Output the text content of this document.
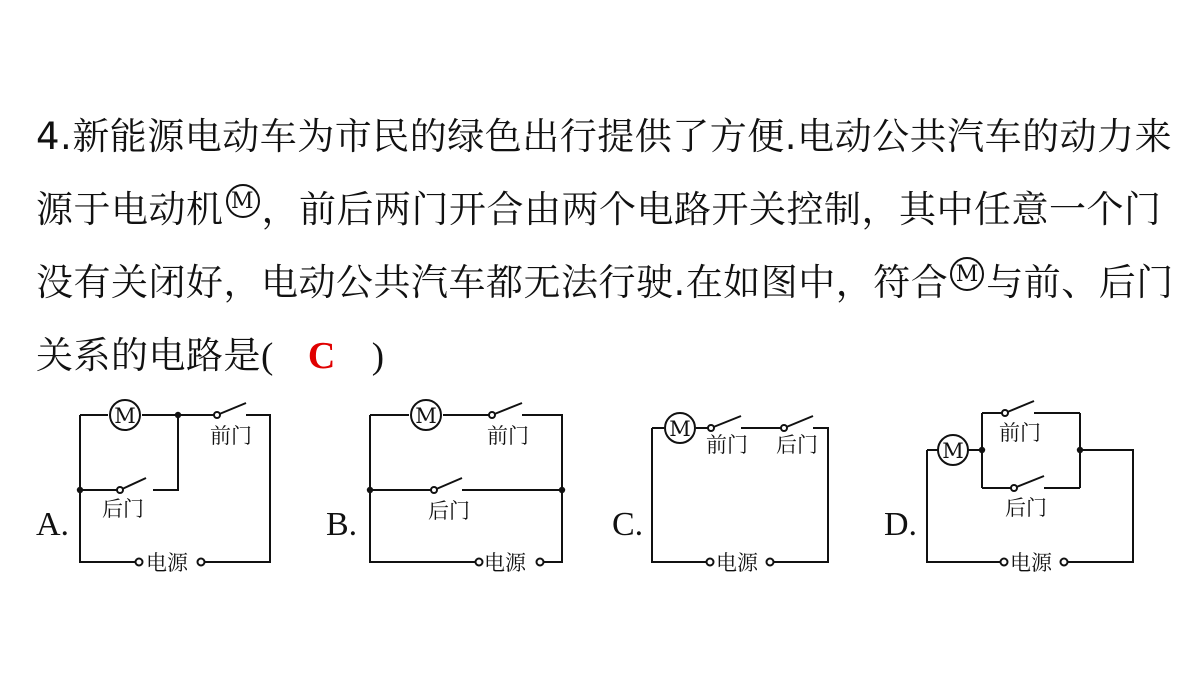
4.新能源电动车为市民的绿色出行提供了方便.电动公共汽车的动力来源于电动机 M ，前后两门开合由两个电路开关控制，其中任意一个门没有关闭好，电动公共汽车都无法行驶.在如图中，符合 M 与前、后门关系的电路是( C )
A.	B.	C.	D.
M
前门
后门
电源
M
前门
后门
电源
M
前门 后门
电源
M
前门
后门
电源
